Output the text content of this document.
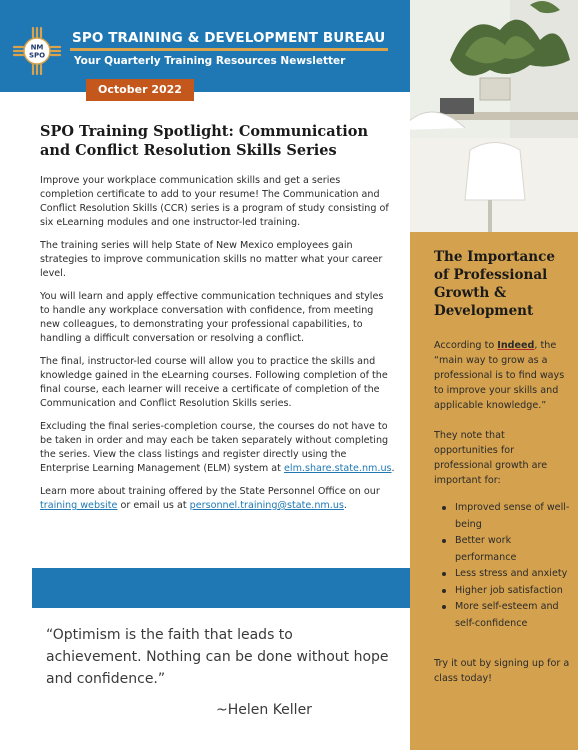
NM
SPO
SPO TRAINING & DEVELOPMENT BUREAU
Your Quarterly Training Resources Newsletter
October 2022
SPO Training Spotlight: Communication and Conflict Resolution Skills Series

Improve your workplace communication skills and get a series completion certificate to add to your resume! The Communication and Conflict Resolution Skills (CCR) series is a program of study consisting of six eLearning modules and one instructor-led training.

The training series will help State of New Mexico employees gain strategies to improve communication skills no matter what your career level.

You will learn and apply effective communication techniques and styles to handle any workplace conversation with confidence, from meeting new colleagues, to demonstrating your professional capabilities, to handling a difficult conversation or resolving a conflict.

The final, instructor-led course will allow you to practice the skills and knowledge gained in the eLearning courses. Following completion of the final course, each learner will receive a certificate of completion of the Communication and Conflict Resolution Skills series.

Excluding the final series-completion course, the courses do not have to be taken in order and may each be taken separately without completing the series. View the class listings and register directly using the Enterprise Learning Management (ELM) system at elm.share.state.nm.us.

Learn more about training offered by the State Personnel Office on our training website or email us at personnel.training@state.nm.us.

“Optimism is the faith that leads to achievement. Nothing can be done without hope and confidence.”
~Helen Keller
The Importance of Professional Growth & Development

According to Indeed, the “main way to grow as a professional is to find ways to improve your skills and applicable knowledge.”

They note that opportunities for professional growth are important for:

Improved sense of well-being
Better work performance
Less stress and anxiety
Higher job satisfaction
More self-esteem and self-confidence

Try it out by signing up for a class today!
